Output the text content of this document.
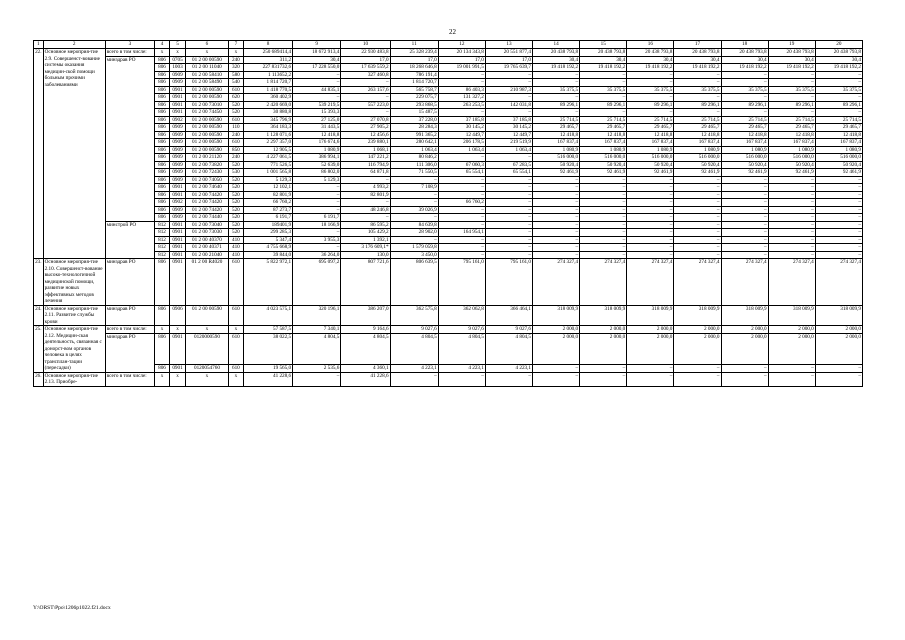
22
1	2	3	4	5	6	7	8	9	10	11	12	13	14	15	16	17	18	19	20
22.	Основное мероприя-тие 2.9. Совершенст-вование системы оказания медицин-ской помощи больным прочими заболеваниями	всего в том числе:	x	x	x	x	250 689414,4	18 672 913,4	22 930 483,8	25 328 239,4	20 134 343,8	20 551 877,4	20 438 793,8	20 438 793,8	20 438 793,8	20 438 793,8	20 438 793,8	20 438 793,8	20 438 793,8
		минздрав РО	806	0705	01 2 00 00590	240	311,2	30,4	17,0	17,0	17,0	17,0	30,4	30,4	30,4	30,4	30,4	30,4	30,4
			806	1003	01 2 00 11040	320	227 831732,6	17 228 550,0	17 639 559,2	18 268 646,8	19 001 991,5	19 765 639,7	19 418 192,2	19 418 192,2	19 418 192,2	19 418 192,2	19 418 192,2	19 418 192,2	19 418 192,2
			806	0909	01 2 00 58410	580	1 113652,2	–	327 460,8	786 191,4	–	–	–	–	–	–	–	–	–
			806	0909	01 2 00 58490	540	1 814 720,7	–	–	1 814 720,7	–	–	–	–	–	–	–	–	–
			806	0901	01 2 00 00590	610	1 418 770,5	44 835,1	263 157,6	565 758,7	86 403,3	210 987,3	35 375,5	35 375,5	35 375,5	35 375,5	35 375,5	35 375,5	35 375,5
			806	0901	01 2 00 00590	620	360 402,9	–	–	229 075,7	131 327,2	–	–	–	–	–	–	–	–
			806	0901	01 2 00 73010	520	2 420 669,0	539 219,5	557 223,0	293 868,5	263 253,5	142 031,8	89 296,1	89 296,1	89 296,1	89 296,1	89 296,1	89 296,1	89 296,1
			806	0901	01 2 00 74450	520	30 880,8	15 393,3	–	15 487,5	–	–	–	–	–	–	–	–	–
			806	0902	01 2 00 00590	610	345 796,9	27 125,0	27 070,8	37 228,0	37 185,8	37 185,8	25 714,5	25 714,5	25 714,5	25 714,5	25 714,5	25 714,5	25 714,5
			806	0909	01 2 00 00590	110	364 183,3	31 443,5	27 905,2	28 284,3	30 145,2	30 145,2	29 465,7	29 465,7	29 465,7	29 465,7	29 465,7	29 465,7	29 465,7
			806	0909	01 2 00 00590	240	1 128 071,6	12 418,8	12 456,6	991 365,2	12 449,7	12 449,7	12 418,8	12 418,8	12 418,8	12 418,8	12 418,8	12 418,8	12 418,8
			806	0909	01 2 00 00590	610	2 297 357,0	176 674,6	239 880,1	280 642,1	206 178,5	219 519,9	167 837,4	167 837,4	167 837,4	167 837,4	167 837,4	167 837,4	167 837,4
			806	0909	01 2 00 00590	850	12 905,5	1 080,9	1 068,1	1 063,4	1 063,4	1 063,4	1 080,9	1 080,9	1 080,9	1 080,9	1 080,9	1 080,9	1 080,9
			806	0909	01 2 00 21120	240	4 227 061,5	386 994,1	147 221,2	80 846,2	–	–	516 000,0	516 000,0	516 000,0	516 000,0	516 000,0	516 000,0	516 000,0
			806	0909	01 2 00 73820	520	771 526,5	52 639,0	116 794,9	111 306,0	67 060,3	67 283,5	50 920,4	50 920,4	50 920,4	50 920,4	50 920,4	50 920,4	50 920,4
			806	0909	01 2 00 72430	530	1 001 565,8	86 802,0	64 871,8	71 550,5	65 554,1	65 554,1	92 461,9	92 461,9	92 461,9	92 461,9	92 461,9	92 461,9	92 461,9
			806	0909	01 2 00 74050	520	5 129,3	5 129,3	–	–	–	–	–	–	–	–	–	–	–
			806	0901	01 2 00 74640	520	12 102,1	–	4 993,2	7 108,9	–	–	–	–	–	–	–	–	–
			806	0901	01 2 00 74420	520	82 801,9	–	82 801,9	–	–	–	–	–	–	–	–	–	–
			806	0902	01 2 00 74420	520	66 760,2	–	–	–	66 760,2	–	–	–	–	–	–	–	–
			806	0909	01 2 00 74420	520	87 273,7	–	48 246,8	39 026,9	–	–	–	–	–	–	–	–	–
			806	0909	01 2 00 74440	520	6 191,7	6 191,7	–	–	–	–	–	–	–	–	–	–	–
		минстрой РО	812	0901	01 2 00 73040	520	189401,9	18 166,9	86 595,2	84 639,8	–	–	–	–	–	–	–	–	–
			812	0901	01 2 00 73030	520	299 285,3	–	105 429,2	28 902,0	164 954,1	–	–	–	–	–	–	–	–
			812	0901	01 2 00 40370	410	5 347,4	3 955,3	1 392,1	–	–	–	–	–	–	–	–	–	–
			812	0901	01 2 00 40371	410	4 755 668,9	–	3 176 609,1*	1 579 059,8	–	–	–	–	–	–	–	–	–
			812	0901	01 2 00 21040	410	39 844,0	36 264,0	130,0	3 450,0	–	–	–	–	–	–	–	–	–
23.	Основное мероприя-тие 2.10. Совершенст-вование высоко-технологичной медицинской помощи, развитие новых эффективных методов лечения	минздрав РО	806	0901	01 2 00 R4020	610	5 822 972,1	695 097,2	807 721,6	806 639,5	795 161,0	795 161,0	274 327,4	274 327,4	274 327,4	274 327,4	274 327,4	274 327,4	274 327,4
24.	Основное мероприя-тие 2.11. Развитие службы крови	минздрав РО	806	0906	01 2 00 00590	610	4 023 575,1	320 196,1	386 207,0	362 575,8	362 062,8	366 464,1	318 009,9	318 009,9	318 009,9	318 009,9	318 009,9	318 009,9	318 009,9
25.	Основное мероприя-тие 2.12. Медицин-ская деятельность, связанная с донорст-вом органов человека в целях трансплан-тации (пересадки)	всего в том числе:	x	x	x	x	57 587,5	7 340,1	9 164,6	9 027,6	9 027,6	9 027,6	2 000,0	2 000,0	2 000,0	2 000,0	2 000,0	2 000,0	2 000,0
		минздрав РО	806	0901	0120000590	610	38 022,5	4 804,5	4 804,5	4 804,5	4 804,5	4 804,5	2 000,0	2 000,0	2 000,0	2 000,0	2 000,0	2 000,0	2 000,0
			806	0901	0120054760	610	19 565,0	2 535,6	4 360,1	4 223,1	4 223,1	4 223,1	–	–	–	–	–	–	–
26.	Основное мероприя-тие 2.13. Приобре-	всего в том числе:	x	x	x	x	41 228,6	–	41 228,6	–	–	–	–	–	–	–	–	–	–
Y:\ORST\Ppo\1206p1022.f21.docx
